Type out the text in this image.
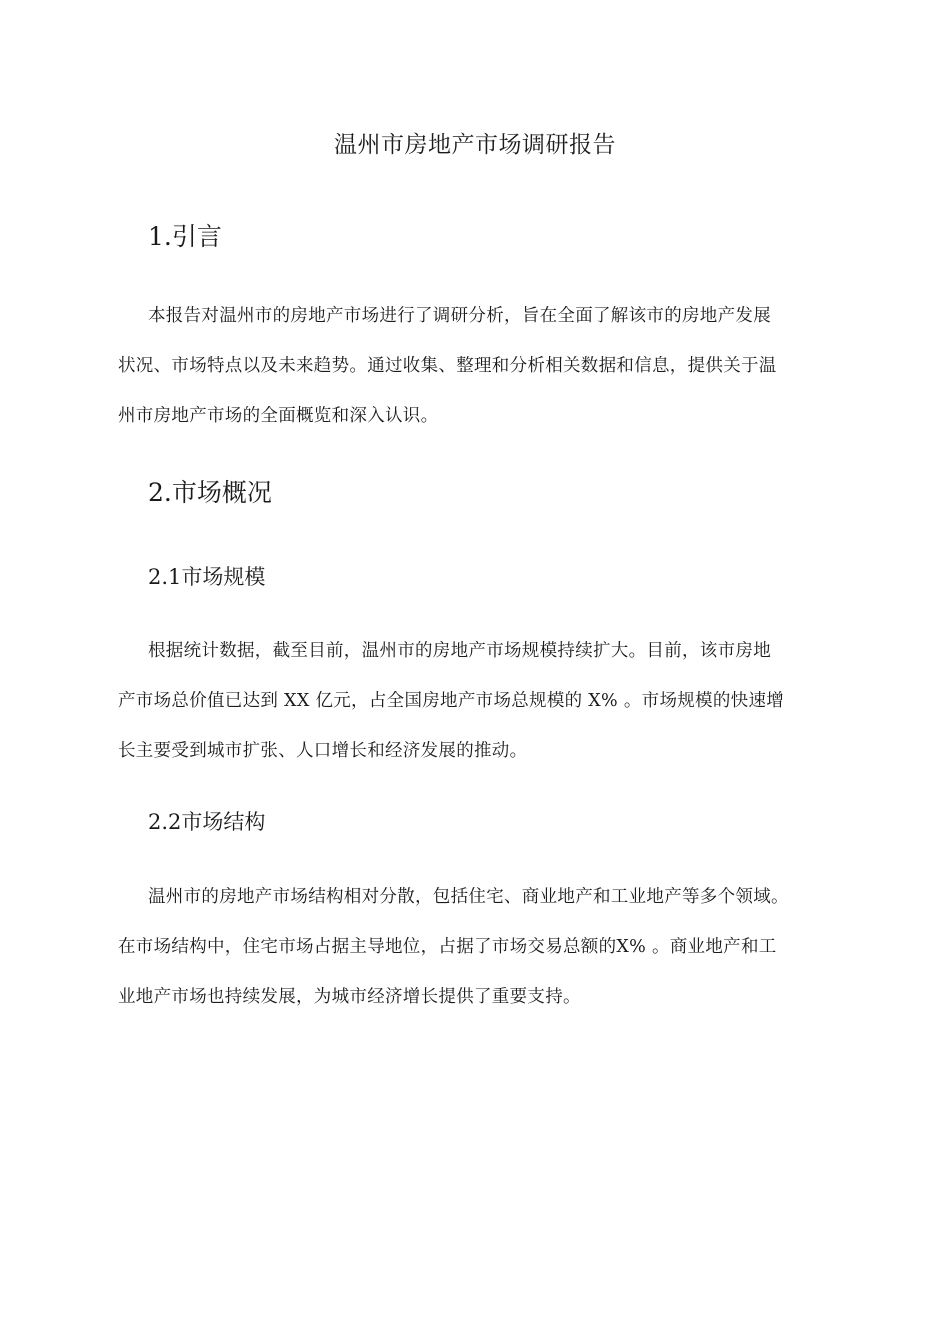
温州市房地产市场调研报告
1.引言
本报告对温州市的房地产市场进行了调研分析，旨在全面了解该市的房地产发展
状况、市场特点以及未来趋势。通过收集、整理和分析相关数据和信息，提供关于温
州市房地产市场的全面概览和深入认识。
2.市场概况
2.1市场规模
根据统计数据，截至目前，温州市的房地产市场规模持续扩大。目前，该市房地
产市场总价值已达到 XX 亿元，占全国房地产市场总规模的 X% 。市场规模的快速增
长主要受到城市扩张、人口增长和经济发展的推动。
2.2市场结构
温州市的房地产市场结构相对分散，包括住宅、商业地产和工业地产等多个领域。
在市场结构中，住宅市场占据主导地位，占据了市场交易总额的X% 。商业地产和工
业地产市场也持续发展，为城市经济增长提供了重要支持。
